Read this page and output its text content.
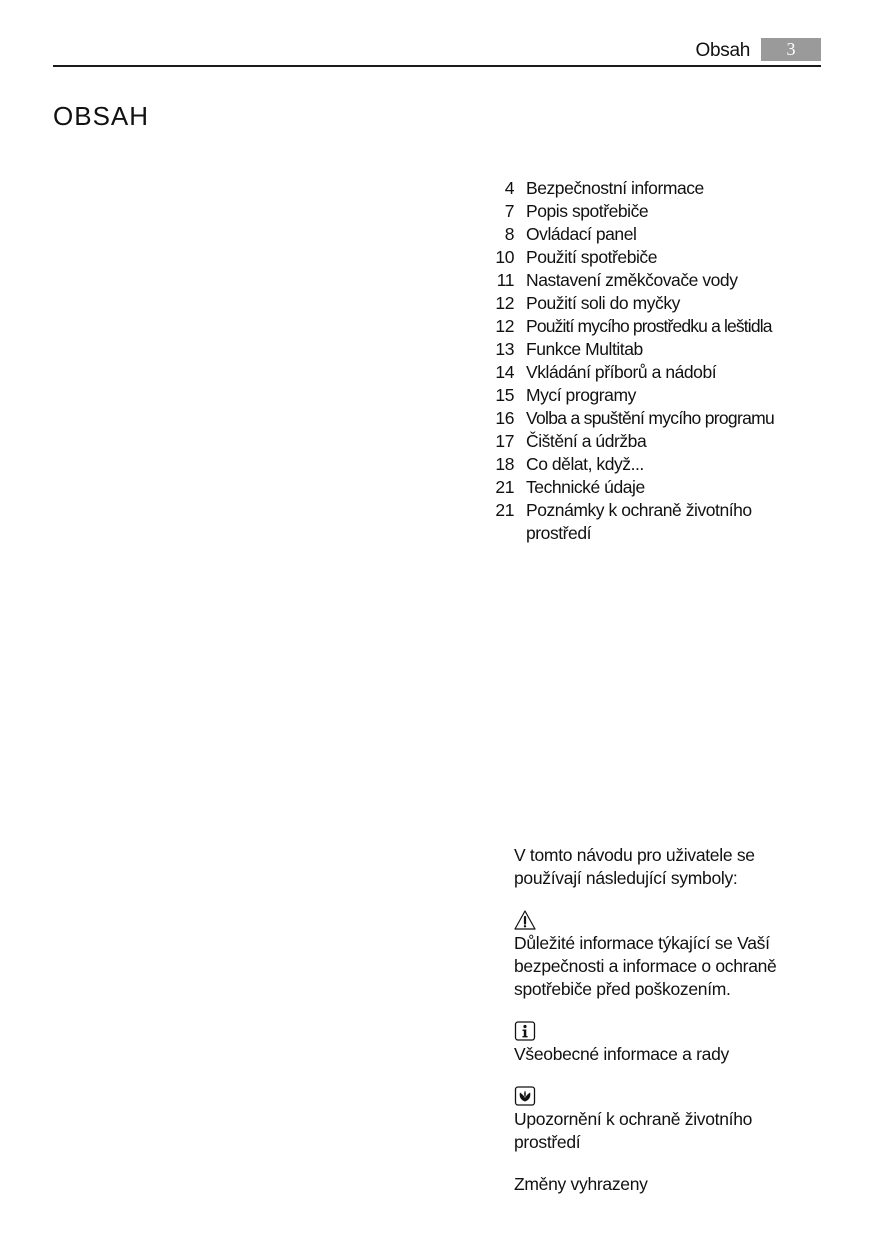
Obsah	3
OBSAH
4 Bezpečnostní informace
7 Popis spotřebiče
8 Ovládací panel
10 Použití spotřebiče
11 Nastavení změkčovače vody
12 Použití soli do myčky
12 Použití mycího prostředku a leštidla
13 Funkce Multitab
14 Vkládání příborů a nádobí
15 Mycí programy
16 Volba a spuštění mycího programu
17 Čištění a údržba
18 Co dělat, když...
21 Technické údaje
21 Poznámky k ochraně životního prostředí

V tomto návodu pro uživatele se používají následující symboly:

Důležité informace týkající se Vaší bezpečnosti a informace o ochraně spotřebiče před poškozením.

Všeobecné informace a rady

Upozornění k ochraně životního prostředí

Změny vyhrazeny
